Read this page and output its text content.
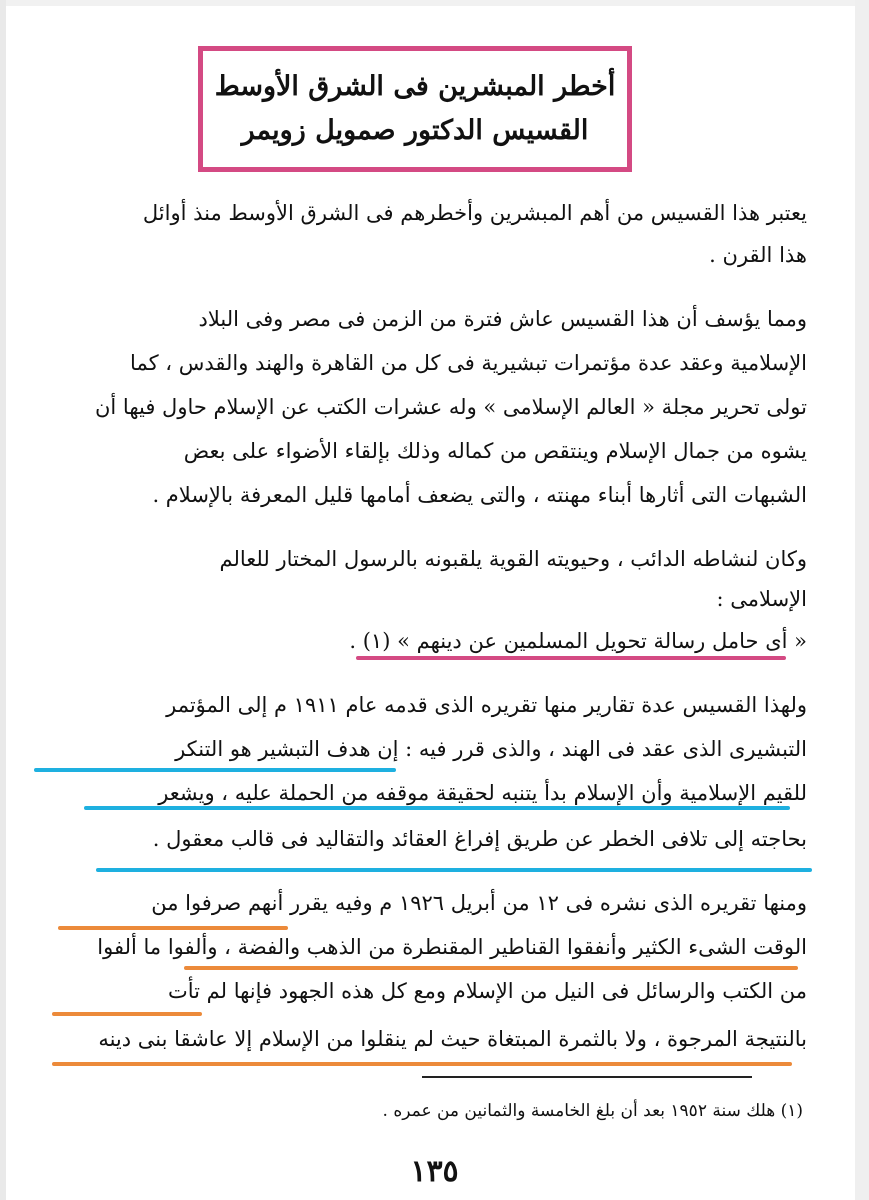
أخطر المبشرين فى الشرق الأوسط
القسيس الدكتور صمويل زويمر
يعتبر هذا القسيس من أهم المبشرين وأخطرهم فى الشرق الأوسط منذ أوائل
هذا القرن .
ومما يؤسف أن هذا القسيس عاش فترة من الزمن فى مصر وفى البلاد
الإسلامية وعقد عدة مؤتمرات تبشيرية فى كل من القاهرة والهند والقدس ، كما
تولى تحرير مجلة « العالم الإسلامى » وله عشرات الكتب عن الإسلام حاول فيها أن
يشوه من جمال الإسلام وينتقص من كماله وذلك بإلقاء الأضواء على بعض
الشبهات التى أثارها أبناء مهنته ، والتى يضعف أمامها قليل المعرفة بالإسلام .
وكان لنشاطه الدائب ، وحيويته القوية يلقبونه بالرسول المختار للعالم
الإسلامى :
« أى حامل رسالة تحويل المسلمين عن دينهم » (١) .
ولهذا القسيس عدة تقارير منها تقريره الذى قدمه عام ١٩١١ م إلى المؤتمر
التبشيرى الذى عقد فى الهند ، والذى قرر فيه : إن هدف التبشير هو التنكر
للقيم الإسلامية وأن الإسلام بدأ يتنبه لحقيقة موقفه من الحملة عليه ، ويشعر
بحاجته إلى تلافى الخطر عن طريق إفراغ العقائد والتقاليد فى قالب معقول .
ومنها تقريره الذى نشره فى ١٢ من أبريل ١٩٢٦ م وفيه يقرر أنهم صرفوا من
الوقت الشىء الكثير وأنفقوا القناطير المقنطرة من الذهب والفضة ، وألفوا ما ألفوا
من الكتب والرسائل فى النيل من الإسلام ومع كل هذه الجهود فإنها لم تأت
بالنتيجة المرجوة ، ولا بالثمرة المبتغاة حيث لم ينقلوا من الإسلام إلا عاشقا بنى دينه
(١) هلك سنة ١٩٥٢ بعد أن بلغ الخامسة والثمانين من عمره .
١٣٥
